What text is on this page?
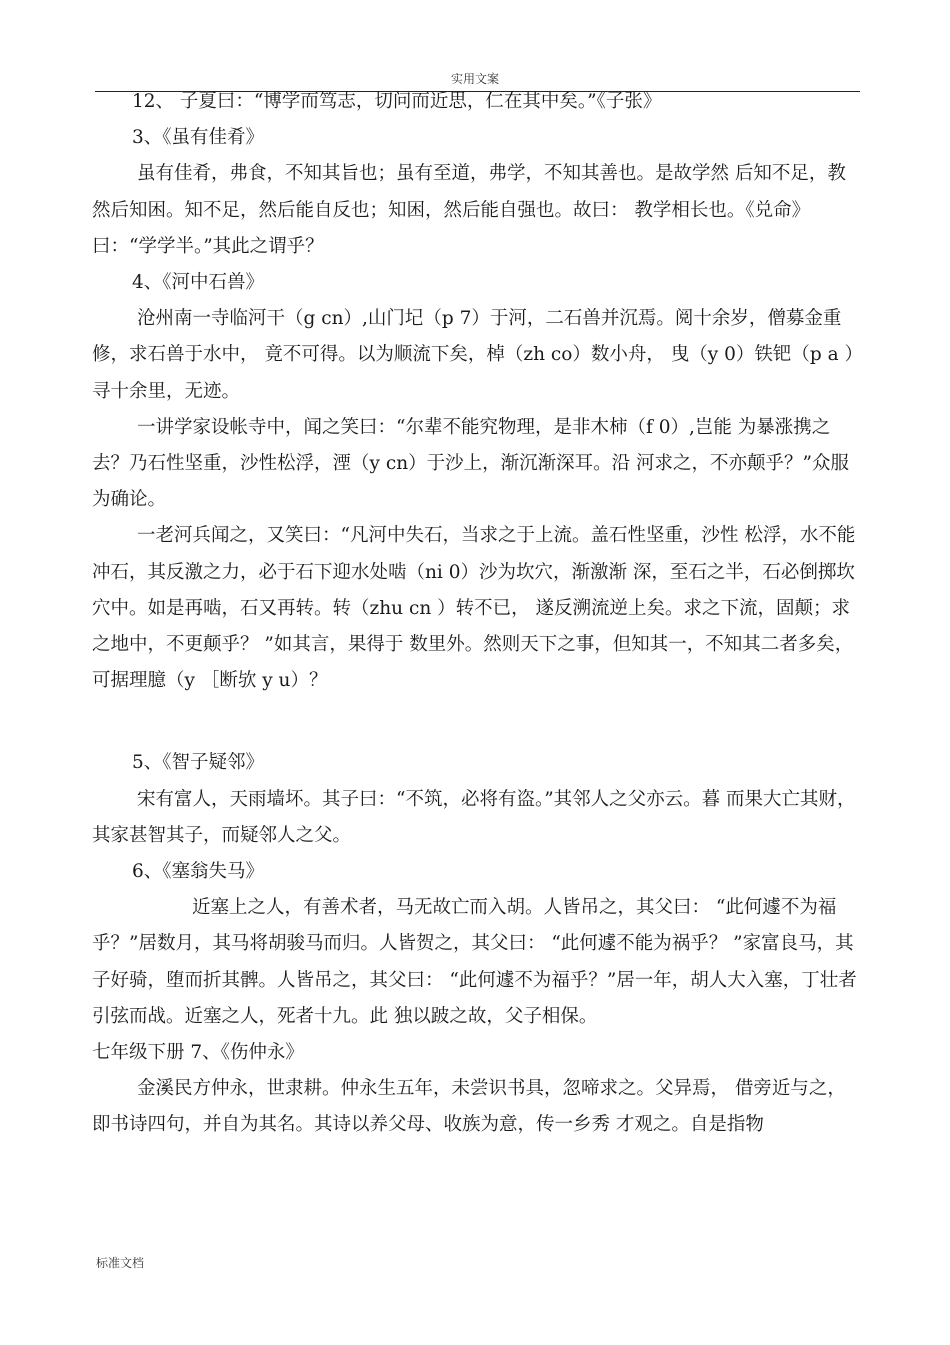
实用文案

12、 子夏曰：“博学而笃志，切问而近思，仁在其中矣。”《子张》

3、《虽有佳肴》

虽有佳肴，弗食，不知其旨也；虽有至道，弗学，不知其善也。是故学然 后知不足，教然后知困。知不足，然后能自反也；知困，然后能自强也。故曰： 教学相长也。《兑命》曰：“学学半。”其此之谓乎？

4、《河中石兽》

沧州南一寺临河干（g cn）,山门圮（p 7）于河，二石兽并沉焉。阅十余岁，僧募金重修，求石兽于水中， 竟不可得。以为顺流下矣，棹（zh co）数小舟， 曳（y 0）铁钯（p a ）寻十余里，无迹。

一讲学家设帐寺中，闻之笑曰：“尔辈不能究物理，是非木柿（f 0）,岂能 为暴涨携之去？乃石性坚重，沙性松浮，湮（y cn）于沙上，渐沉渐深耳。沿 河求之，不亦颠乎？”众服为确论。

一老河兵闻之，又笑曰：“凡河中失石，当求之于上流。盖石性坚重，沙性 松浮，水不能冲石，其反激之力，必于石下迎水处啮（ni 0）沙为坎穴，渐激渐 深，至石之半，石必倒掷坎穴中。如是再啮，石又再转。转（zhu cn ）转不已， 遂反溯流逆上矣。求之下流，固颠；求之地中，不更颠乎？ ”如其言，果得于 数里外。然则天下之事，但知其一，不知其二者多矣，可据理臆（y ［断欤 y u）？

5、《智子疑邻》

宋有富人，天雨墙坏。其子曰：“不筑，必将有盗。”其邻人之父亦云。暮 而果大亡其财，其家甚智其子，而疑邻人之父。

6、《塞翁失马》

近塞上之人，有善术者，马无故亡而入胡。人皆吊之，其父曰： “此何遽不为福乎？”居数月，其马将胡骏马而归。人皆贺之，其父曰： “此何遽不能为祸乎？ ”家富良马，其子好骑，堕而折其髀。人皆吊之，其父曰： “此何遽不为福乎？”居一年，胡人大入塞，丁壮者引弦而战。近塞之人，死者十九。此 独以跛之故，父子相保。

七年级下册 7、《伤仲永》

金溪民方仲永，世隶耕。仲永生五年，未尝识书具，忽啼求之。父异焉， 借旁近与之，即书诗四句，并自为其名。其诗以养父母、收族为意，传一乡秀 才观之。自是指物

标准文档
